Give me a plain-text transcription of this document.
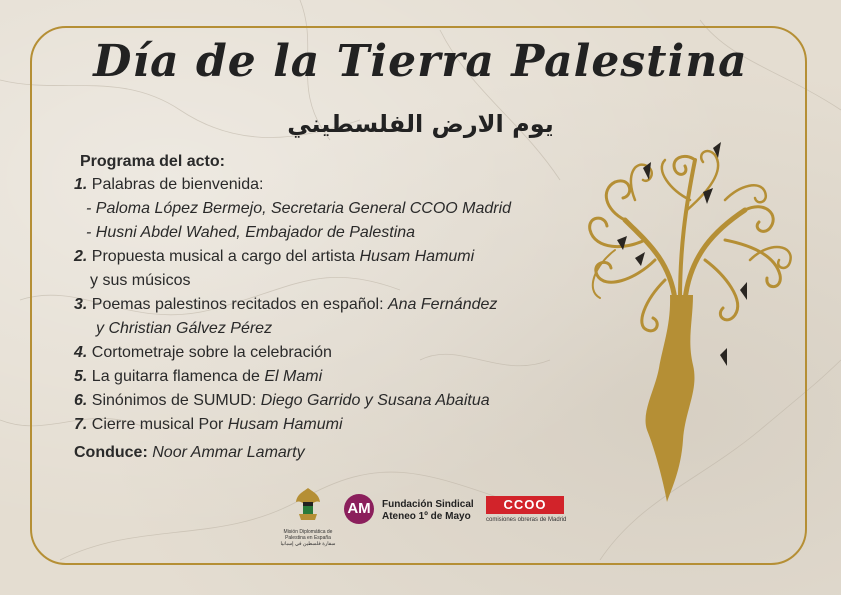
Día de la Tierra Palestina
يوم الارض الفلسطيني
Programa del acto:
1. Palabras de bienvenida:
- Paloma López Bermejo, Secretaria General CCOO Madrid
- Husni Abdel Wahed, Embajador de Palestina
2. Propuesta musical a cargo del artista Husam Hamumi
y sus músicos
3. Poemas palestinos recitados en español: Ana Fernández
y Christian Gálvez Pérez
4. Cortometraje sobre la celebración
5. La guitarra flamenca de El Mami
6. Sinónimos de SUMUD: Diego Garrido y Susana Abaitua
7. Cierre musical Por Husam Hamumi
Conduce: Noor Ammar Lamarty
Misión Diplomática de
Palestina en España
سفارة فلسطين في إسبانيا
AM	Fundación Sindical
Ateneo 1º de Mayo
CCOO
comisiones obreras de Madrid
